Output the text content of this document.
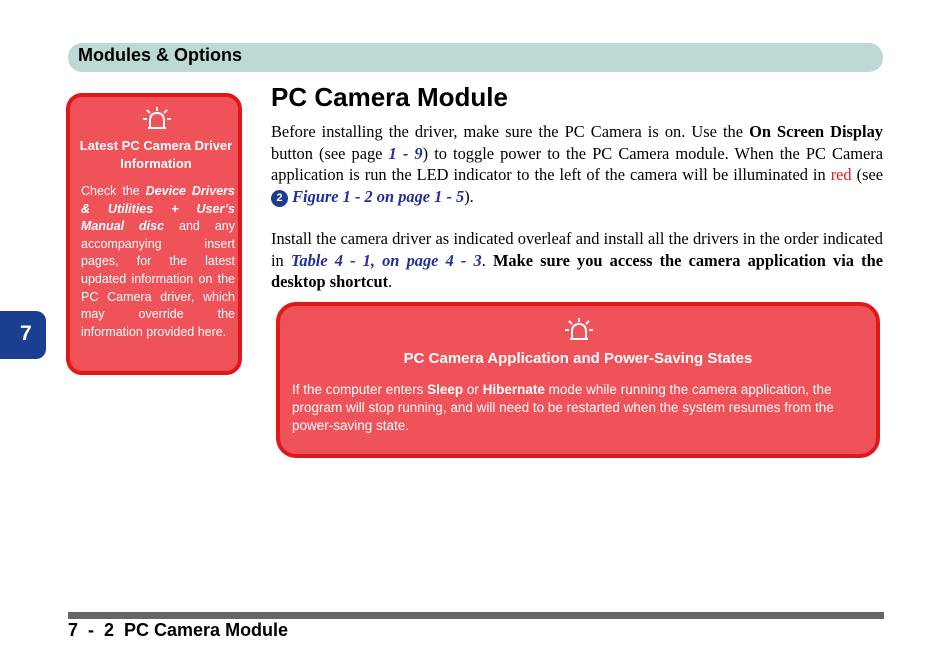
Modules & Options
7
Latest PC Camera Driver Information
Check the Device Drivers & Utilities + User’s Manual disc and any accompanying insert pages, for the latest updated information on the PC Camera driver, which may override the information provided here.
PC Camera Module

Before installing the driver, make sure the PC Camera is on. Use the On Screen Display button (see page 1 - 9) to toggle power to the PC Camera module. When the PC Camera application is run the LED indicator to the left of the camera will be illuminated in red (see 2 Figure 1 - 2 on page 1 - 5).

Install the camera driver as indicated overleaf and install all the drivers in the order indicated in Table 4 - 1, on page 4 - 3. Make sure you access the camera application via the desktop shortcut.

PC Camera Application and Power-Saving States
If the computer enters Sleep or Hibernate mode while running the camera application, the program will stop running, and will need to be restarted when the system resumes from the power-saving state.
7  -  2  PC Camera Module
